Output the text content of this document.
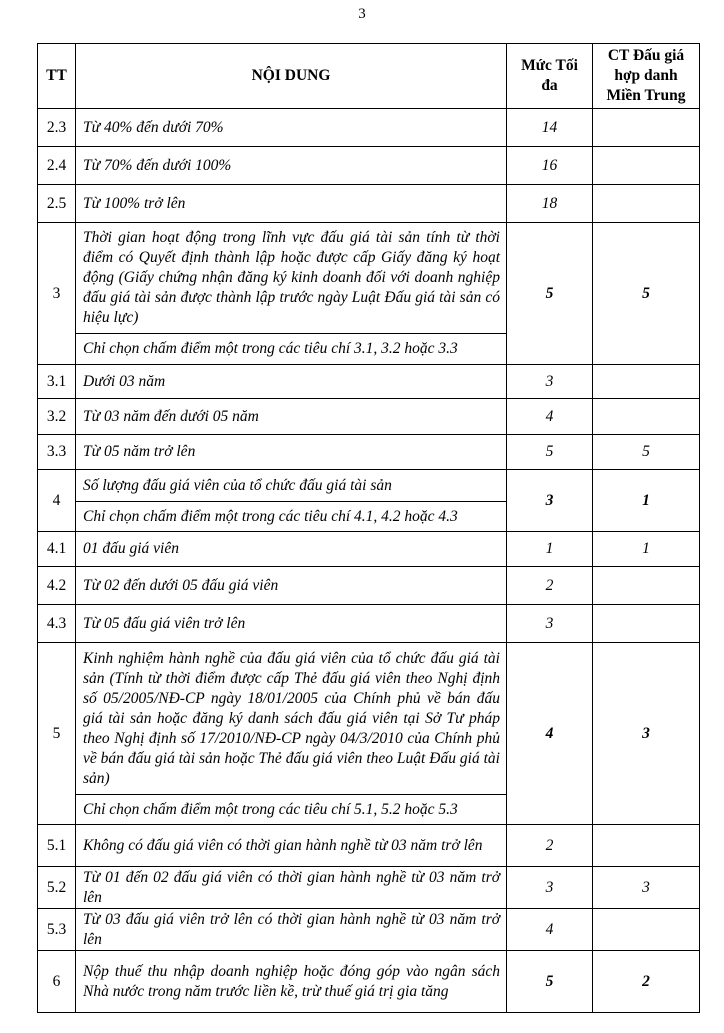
3
TT	NỘI DUNG	Mức Tối đa	CT Đấu giá hợp danh Miền Trung
2.3	Từ 40% đến dưới 70%	14	
2.4	Từ 70% đến dưới 100%	16	
2.5	Từ 100% trở lên	18	
3	Thời gian hoạt động trong lĩnh vực đấu giá tài sản tính từ thời điểm có Quyết định thành lập hoặc được cấp Giấy đăng ký hoạt động (Giấy chứng nhận đăng ký kinh doanh đối với doanh nghiệp đấu giá tài sản được thành lập trước ngày Luật Đấu giá tài sản có hiệu lực)	5	5
	Chỉ chọn chấm điểm một trong các tiêu chí 3.1, 3.2 hoặc 3.3		
3.1	Dưới 03 năm	3	
3.2	Từ 03 năm đến dưới 05 năm	4	
3.3	Từ 05 năm trở lên	5	5
4	Số lượng đấu giá viên của tổ chức đấu giá tài sản	3	1
	Chỉ chọn chấm điểm một trong các tiêu chí 4.1, 4.2 hoặc 4.3		
4.1	01 đấu giá viên	1	1
4.2	Từ 02 đến dưới 05 đấu giá viên	2	
4.3	Từ 05 đấu giá viên trở lên	3	
5	Kinh nghiệm hành nghề của đấu giá viên của tổ chức đấu giá tài sản (Tính từ thời điểm được cấp Thẻ đấu giá viên theo Nghị định số 05/2005/NĐ-CP ngày 18/01/2005 của Chính phủ về bán đấu giá tài sản hoặc đăng ký danh sách đấu giá viên tại Sở Tư pháp theo Nghị định số 17/2010/NĐ-CP ngày 04/3/2010 của Chính phủ về bán đấu giá tài sản hoặc Thẻ đấu giá viên theo Luật Đấu giá tài sản)	4	3
	Chỉ chọn chấm điểm một trong các tiêu chí 5.1, 5.2 hoặc 5.3		
5.1	Không có đấu giá viên có thời gian hành nghề từ 03 năm trở lên	2	
5.2	Từ 01 đến 02 đấu giá viên có thời gian hành nghề từ 03 năm trở lên	3	3
5.3	Từ 03 đấu giá viên trở lên có thời gian hành nghề từ 03 năm trở lên	4	
6	Nộp thuế thu nhập doanh nghiệp hoặc đóng góp vào ngân sách Nhà nước trong năm trước liền kề, trừ thuế giá trị gia tăng	5	2
